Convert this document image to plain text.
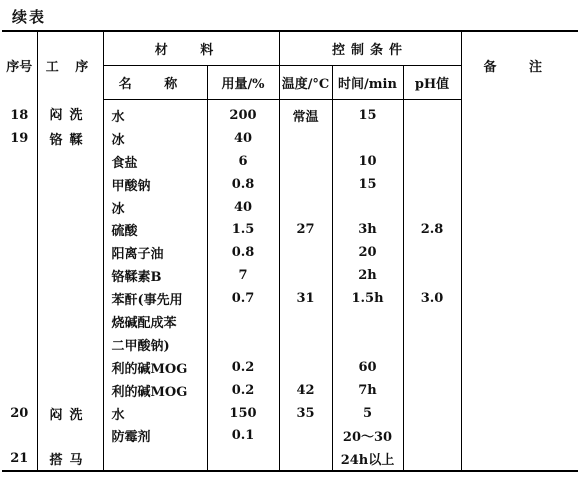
续表
序号	工 序	材 料		控制条件			备 注
		名 称	用量/%	温度/°C	时间/min	pH值	
18	闷洗	水	200	常温	15		
19	铬鞣	冰	40				
		食盐	6		10		
		甲酸钠	0.8		15		
		冰	40				
		硫酸	1.5	27	3h	2.8	
		阳离子油	0.8		20		
		铬鞣素B	7		2h		
		苯酐(事先用	0.7	31	1.5h	3.0	
		烧碱配成苯					
		二甲酸钠)					
		利的碱MOG	0.2		60		
		利的碱MOG	0.2	42	7h		
20	闷洗	水	150	35	5		
		防霉剂	0.1		20～30		
21	搭马				24h以上		
